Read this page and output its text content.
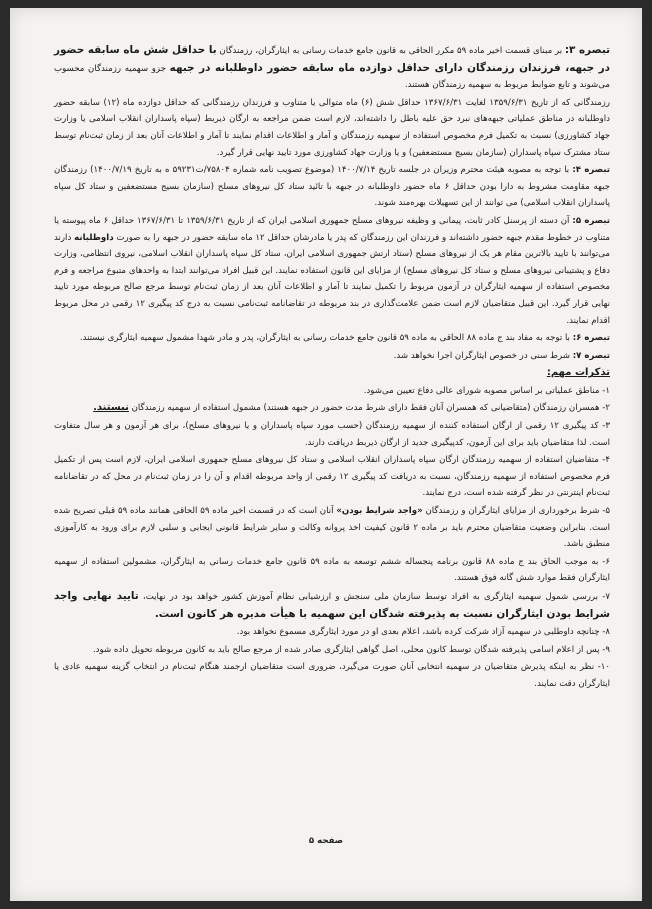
تبصره ۳: بر مبنای قسمت اخیر ماده ۵۹ مکرر الحاقی به قانون جامع خدمات رسانی به ایثارگران، رزمندگان با حداقل شش ماه سابقه حضور در جبهه، فرزندان رزمندگان دارای حداقل دوازده ماه سابقه حضور داوطلبانه در جبهه جزو سهمیه رزمندگان محسوب می‌شوند و تابع ضوابط مربوط به سهمیه رزمندگان هستند.

رزمندگانی که از تاریخ ۱۳۵۹/۶/۳۱ لغایت ۱۳۶۷/۶/۳۱ حداقل شش (۶) ماه متوالی یا متناوب و فرزندان رزمندگانی که حداقل دوازده ماه (۱۲) سابقه حضور داوطلبانه در مناطق عملیاتی جبهه‌های نبرد حق علیه باطل را داشته‌اند، لازم است ضمن مراجعه به ارگان ذیربط (سپاه پاسداران انقلاب اسلامی یا وزارت جهاد کشاورزی) نسبت به تکمیل فرم مخصوص استفاده از سهمیه رزمندگان و آمار و اطلاعات اقدام نمایند تا آمار و اطلاعات آنان بعد از زمان ثبت‌نام توسط ستاد مشترک سپاه پاسداران (سازمان بسیج مستضعفین) و یا وزارت جهاد کشاورزی مورد تایید نهایی قرار گیرد.

تبصره ۴: با توجه به مصوبه هیئت محترم وزیران در جلسه تاریخ ۱۴۰۰/۷/۱۴ (موضوع تصویب نامه شماره ۷۵۸۰۴/ت۵۹۲۳۱ ه به تاریخ ۱۴۰۰/۷/۱۹) رزمندگان جبهه مقاومت مشروط به دارا بودن حداقل ۶ ماه حضور داوطلبانه در جبهه با تائید ستاد کل نیروهای مسلح (سازمان بسیج مستضعفین و ستاد کل سپاه پاسداران انقلاب اسلامی) می توانند از این تسهیلات بهره‌مند شوند.

تبصره ۵: آن دسته از پرسنل کادر ثابت، پیمانی و وظیفه نیروهای مسلح جمهوری اسلامی ایران که از تاریخ ۱۳۵۹/۶/۳۱ تا ۱۳۶۷/۶/۳۱ حداقل ۶ ماه پیوسته یا متناوب در خطوط مقدم جبهه حضور داشته‌اند و فرزندان این رزمندگان که پدر یا مادرشان حداقل ۱۲ ماه سابقه حضور در جبهه را به صورت داوطلبانه دارند می‌توانند با تایید بالاترین مقام هر یک از نیروهای مسلح (ستاد ارتش جمهوری اسلامی ایران، ستاد کل سپاه پاسداران انقلاب اسلامی، نیروی انتظامی، وزارت دفاع و پشتیبانی نیروهای مسلح و ستاد کل نیروهای مسلح) از مزایای این قانون استفاده نمایند. این قبیل افراد می‌توانند ابتدا به واحدهای متبوع مراجعه و فرم مخصوص استفاده از سهمیه ایثارگران در آزمون مربوط را تکمیل نمایند تا آمار و اطلاعات آنان بعد از زمان ثبت‌نام توسط مرجع صالح مربوطه مورد تایید نهایی قرار گیرد. این قبیل متقاضیان لازم است ضمن علامت‌گذاری در بند مربوطه در تقاضانامه ثبت‌نامی نسبت به درج کد پیگیری ۱۲ رقمی در محل مربوط اقدام نمایند.

تبصره ۶: با توجه به مفاد بند ج ماده ۸۸ الحاقی به ماده ۵۹ قانون جامع خدمات رسانی به ایثارگران، پدر و مادر شهدا مشمول سهمیه ایثارگری نیستند.

تبصره ۷: شرط سنی در خصوص ایثارگران اجرا نخواهد شد.

تذکرات مهم:

۱- مناطق عملیاتی بر اساس مصوبه شورای عالی دفاع تعیین می‌شود.

۲- همسران رزمندگان (متقاضیانی که همسران آنان فقط دارای شرط مدت حضور در جبهه هستند) مشمول استفاده از سهمیه رزمندگان نیستند.

۳- کد پیگیری ۱۲ رقمی از ارگان استفاده کننده از سهمیه رزمندگان (حسب مورد سپاه پاسداران و یا نیروهای مسلح)، برای هر آزمون و هر سال متفاوت است. لذا متقاضیان باید برای این آزمون، کدپیگیری جدید از ارگان ذیربط دریافت دارند.

۴- متقاضیان استفاده از سهمیه رزمندگان ارگان سپاه پاسداران انقلاب اسلامی و ستاد کل نیروهای مسلح جمهوری اسلامی ایران، لازم است پس از تکمیل فرم مخصوص استفاده از سهمیه رزمندگان، نسبت به دریافت کد پیگیری ۱۲ رقمی از واحد مربوطه اقدام و آن را در زمان ثبت‌نام در محل که در تقاضانامه ثبت‌نام اینترنتی در نظر گرفته شده است، درج نمایند.

۵- شرط برخورداری از مزایای ایثارگران و رزمندگان «واجد شرایط بودن» آنان است که در قسمت اخیر ماده ۵۹ الحاقی همانند ماده ۵۹ قبلی تصریح شده است. بنابراین وضعیت متقاضیان محترم باید بر ماده ۲ قانون کیفیت اخذ پروانه وکالت و سایر شرایط قانونی ایجابی و سلبی لازم برای ورود به کارآموزی منطبق باشد.

۶- به موجب الحاق بند ج ماده ۸۸ قانون برنامه پنجساله ششم توسعه به ماده ۵۹ قانون جامع خدمات رسانی به ایثارگران، مشمولین استفاده از سهمیه ایثارگران فقط موارد شش گانه فوق هستند.

۷- بررسی شمول سهمیه ایثارگری به افراد توسط سازمان ملی سنجش و ارزشیابی نظام آموزش کشور خواهد بود در نهایت، تایید نهایی واجد شرایط بودن ایثارگران نسبت به پذیرفته شدگان این سهمیه با هیأت مدیره هر کانون است.

۸- چنانچه داوطلبی در سهمیه آزاد شرکت کرده باشد، اعلام بعدی او در مورد ایثارگری مسموع نخواهد بود.

۹- پس از اعلام اسامی پذیرفته شدگان توسط کانون محلی، اصل گواهی ایثارگری صادر شده از مرجع صالح باید به کانون مربوطه تحویل داده شود.

۱۰- نظر به اینکه پذیرش متقاضیان در سهمیه انتخابی آنان صورت می‌گیرد، ضروری است متقاضیان ارجمند هنگام ثبت‌نام در انتخاب گزینه سهمیه عادی یا ایثارگران دقت نمایند.

صفحه ۵
